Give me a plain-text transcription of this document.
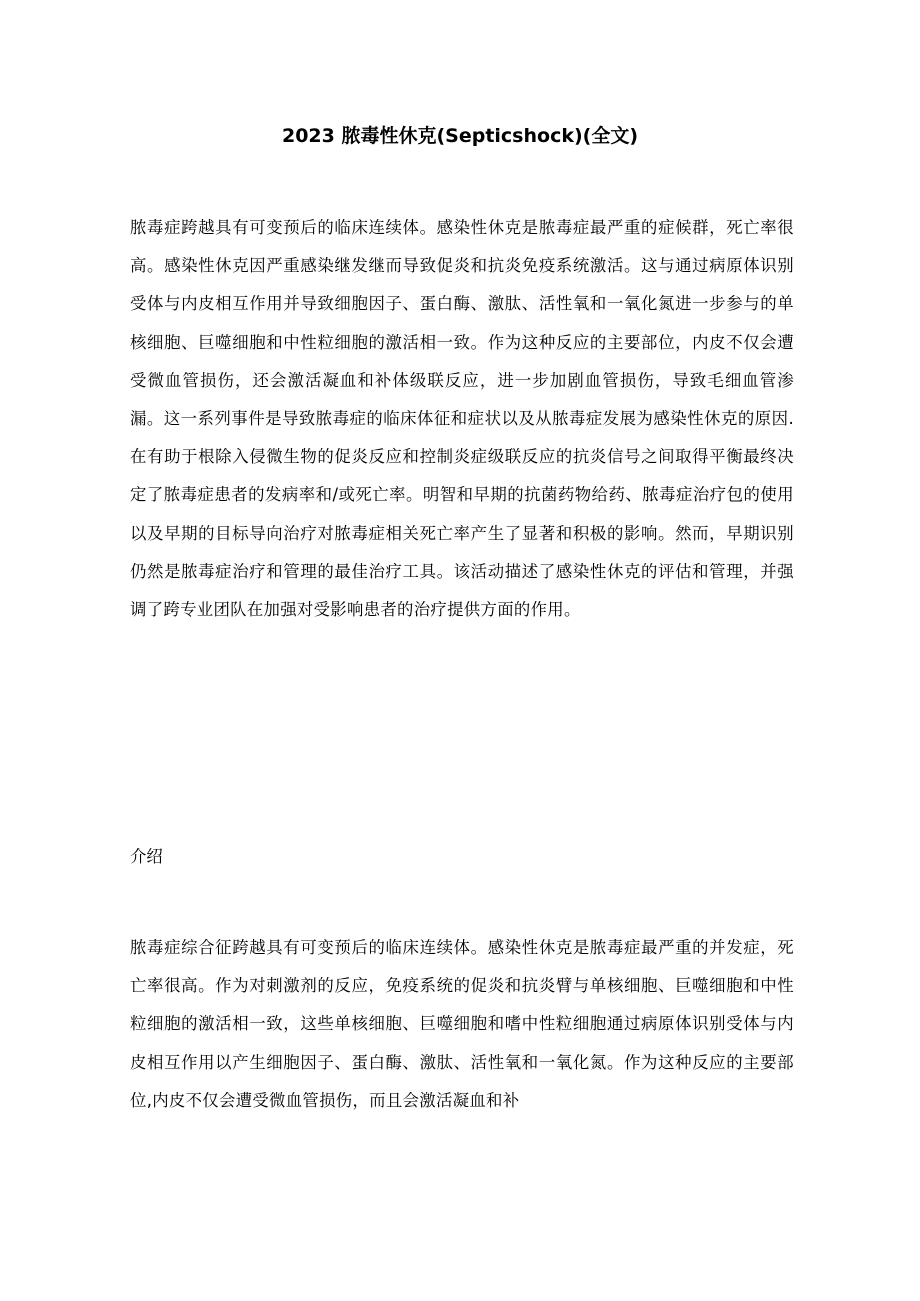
2023 脓毒性休克(Septicshock)(全文)

脓毒症跨越具有可变预后的临床连续体。感染性休克是脓毒症最严重的症候群，死亡率很高。感染性休克因严重感染继发继而导致促炎和抗炎免疫系统激活。这与通过病原体识别受体与内皮相互作用并导致细胞因子、蛋白酶、激肽、活性氧和一氧化氮进一步参与的单核细胞、巨噬细胞和中性粒细胞的激活相一致。作为这种反应的主要部位，内皮不仅会遭受微血管损伤，还会激活凝血和补体级联反应，进一步加剧血管损伤，导致毛细血管渗漏。这一系列事件是导致脓毒症的临床体征和症状以及从脓毒症发展为感染性休克的原因.在有助于根除入侵微生物的促炎反应和控制炎症级联反应的抗炎信号之间取得平衡最终决定了脓毒症患者的发病率和/或死亡率。明智和早期的抗菌药物给药、脓毒症治疗包的使用以及早期的目标导向治疗对脓毒症相关死亡率产生了显著和积极的影响。然而，早期识别仍然是脓毒症治疗和管理的最佳治疗工具。该活动描述了感染性休克的评估和管理，并强调了跨专业团队在加强对受影响患者的治疗提供方面的作用。

介绍

脓毒症综合征跨越具有可变预后的临床连续体。感染性休克是脓毒症最严重的并发症，死亡率很高。作为对刺激剂的反应，免疫系统的促炎和抗炎臂与单核细胞、巨噬细胞和中性粒细胞的激活相一致，这些单核细胞、巨噬细胞和嗜中性粒细胞通过病原体识别受体与内皮相互作用以产生细胞因子、蛋白酶、激肽、活性氧和一氧化氮。作为这种反应的主要部位,内皮不仅会遭受微血管损伤，而且会激活凝血和补
